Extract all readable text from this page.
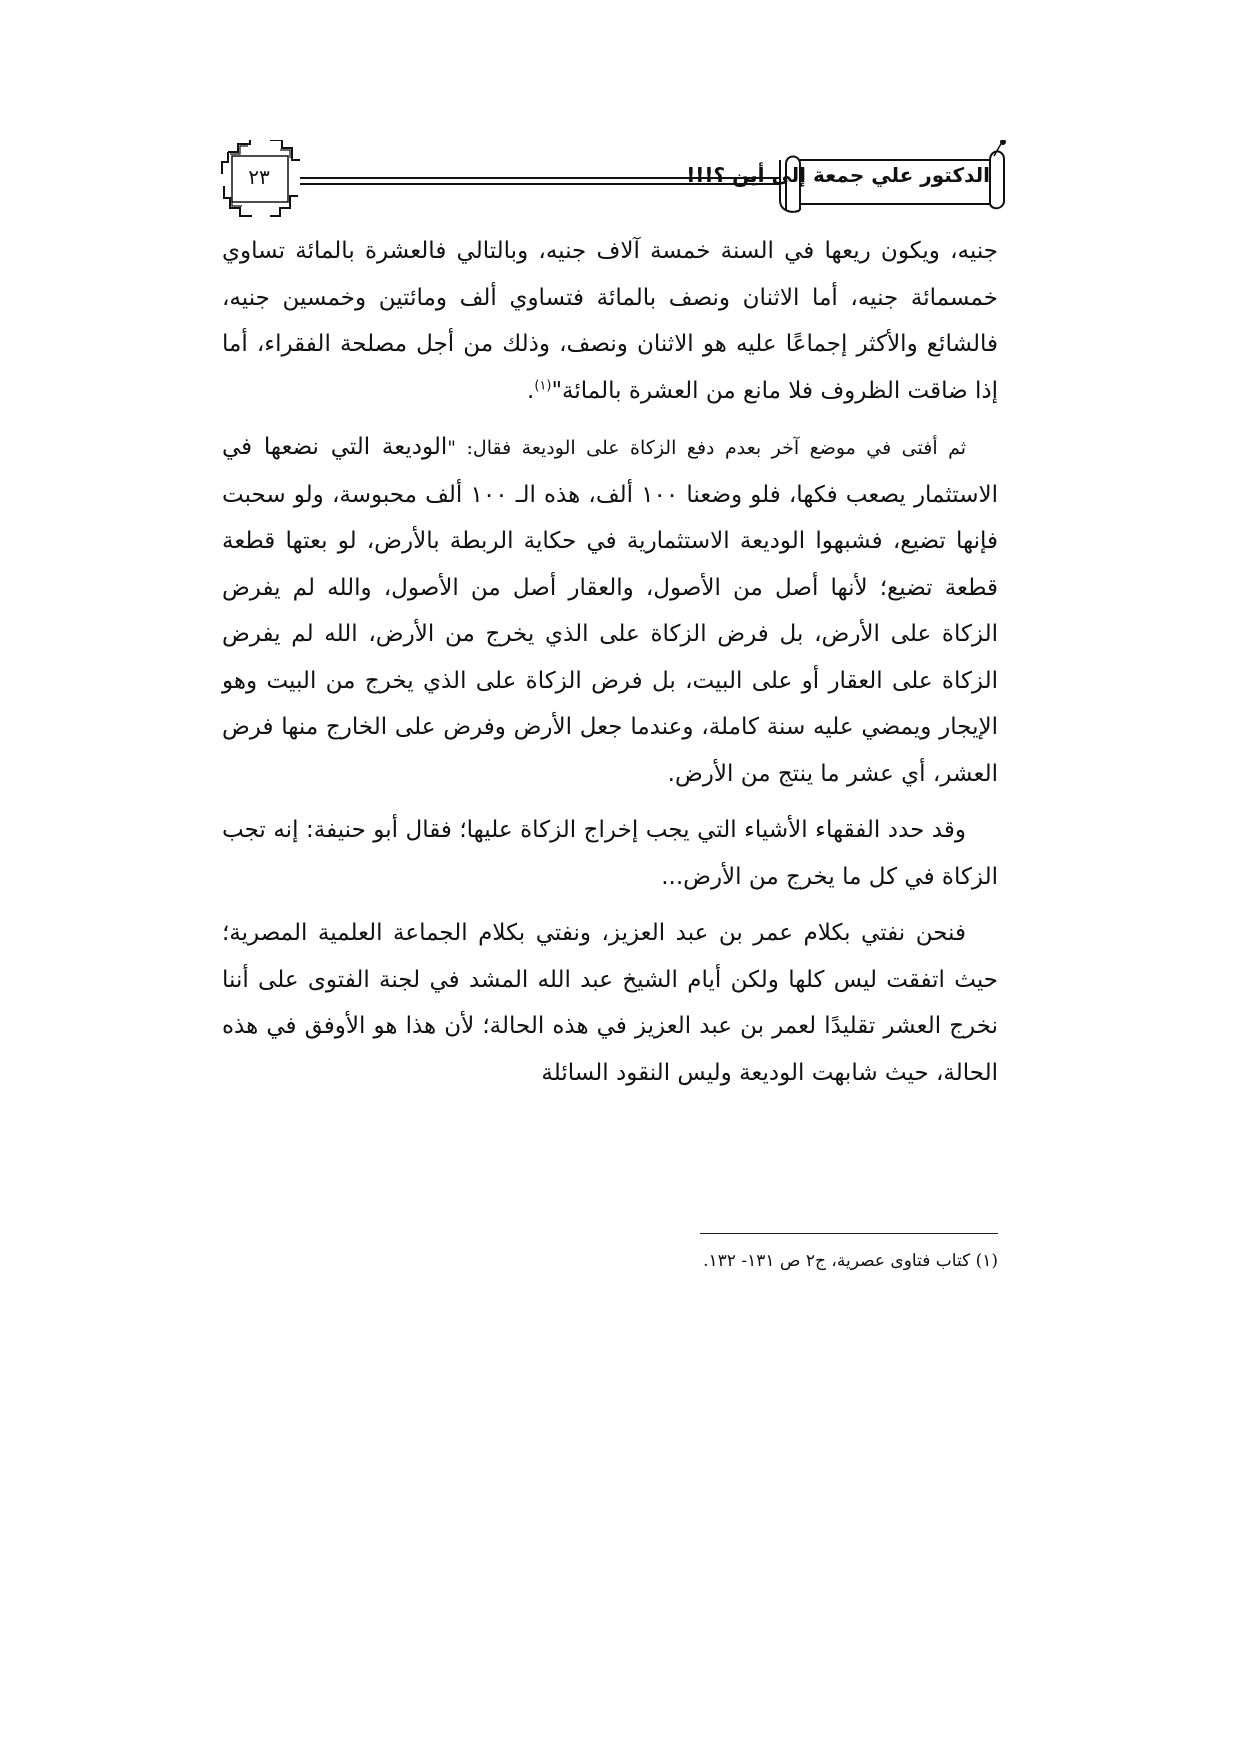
٢٣	الدكتور علي جمعة إلى أين ؟!!!

جنيه، ويكون ريعها في السنة خمسة آلاف جنيه، وبالتالي فالعشرة بالمائة تساوي خمسمائة جنيه، أما الاثنان ونصف بالمائة فتساوي ألف ومائتين وخمسين جنيه، فالشائع والأكثر إجماعًا عليه هو الاثنان ونصف، وذلك من أجل مصلحة الفقراء، أما إذا ضاقت الظروف فلا مانع من العشرة بالمائة"$^{(١)}$.

ثم أفتى في موضع آخر بعدم دفع الزكاة على الوديعة فقال: "الوديعة التي نضعها في الاستثمار يصعب فكها، فلو وضعنا ١٠٠ ألف، هذه الـ ١٠٠ ألف محبوسة، ولو سحبت فإنها تضيع، فشبهوا الوديعة الاستثمارية في حكاية الربطة بالأرض، لو بعتها قطعة قطعة تضيع؛ لأنها أصل من الأصول، والعقار أصل من الأصول، والله لم يفرض الزكاة على الأرض، بل فرض الزكاة على الذي يخرج من الأرض، الله لم يفرض الزكاة على العقار أو على البيت، بل فرض الزكاة على الذي يخرج من البيت وهو الإيجار ويمضي عليه سنة كاملة، وعندما جعل الأرض وفرض على الخارج منها فرض العشر، أي عشر ما ينتج من الأرض.

وقد حدد الفقهاء الأشياء التي يجب إخراج الزكاة عليها؛ فقال أبو حنيفة: إنه تجب الزكاة في كل ما يخرج من الأرض...

فنحن نفتي بكلام عمر بن عبد العزيز، ونفتي بكلام الجماعة العلمية المصرية؛ حيث اتفقت ليس كلها ولكن أيام الشيخ عبد الله المشد في لجنة الفتوى على أننا نخرج العشر تقليدًا لعمر بن عبد العزيز في هذه الحالة؛ لأن هذا هو الأوفق في هذه الحالة، حيث شابهت الوديعة وليس النقود السائلة

(١) كتاب فتاوى عصرية، ج٢ ص ١٣١- ١٣٢.
